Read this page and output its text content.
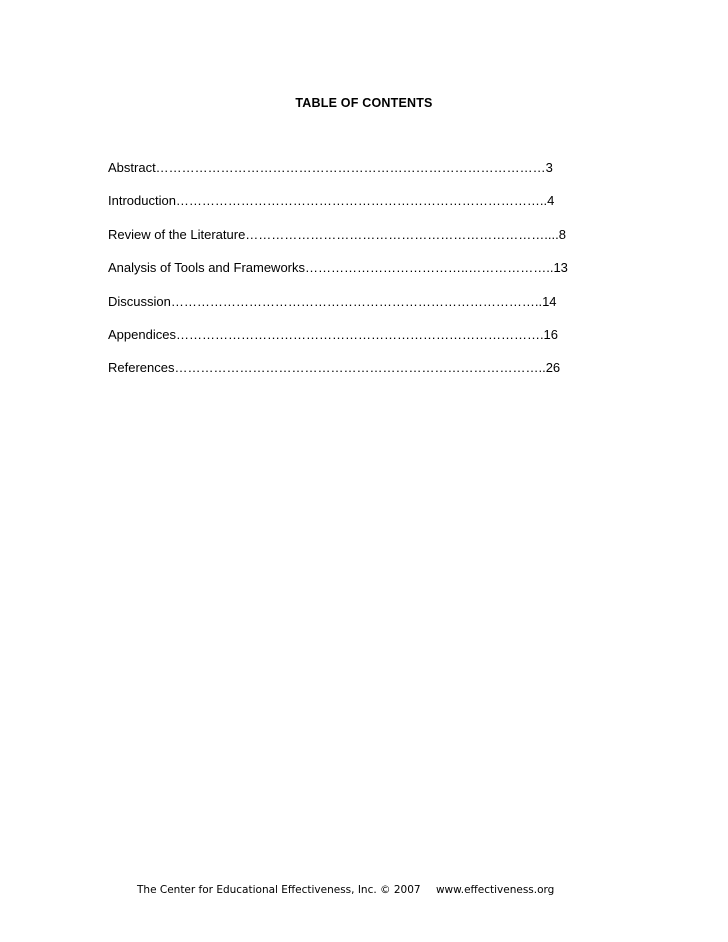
TABLE OF CONTENTS
Abstract………………………………………………………………………………3
Introduction…………………………………………………………………………..4
Review of the Literature……………………………………………………………....8
Analysis of Tools and Frameworks………………………………..………………..13
Discussion…………………………………………………………………………..14
Appendices………………………………………………………………………….16
References…………………………………………………………………………..26
The Center for Educational Effectiveness, Inc. © 2007 www.effectiveness.org
